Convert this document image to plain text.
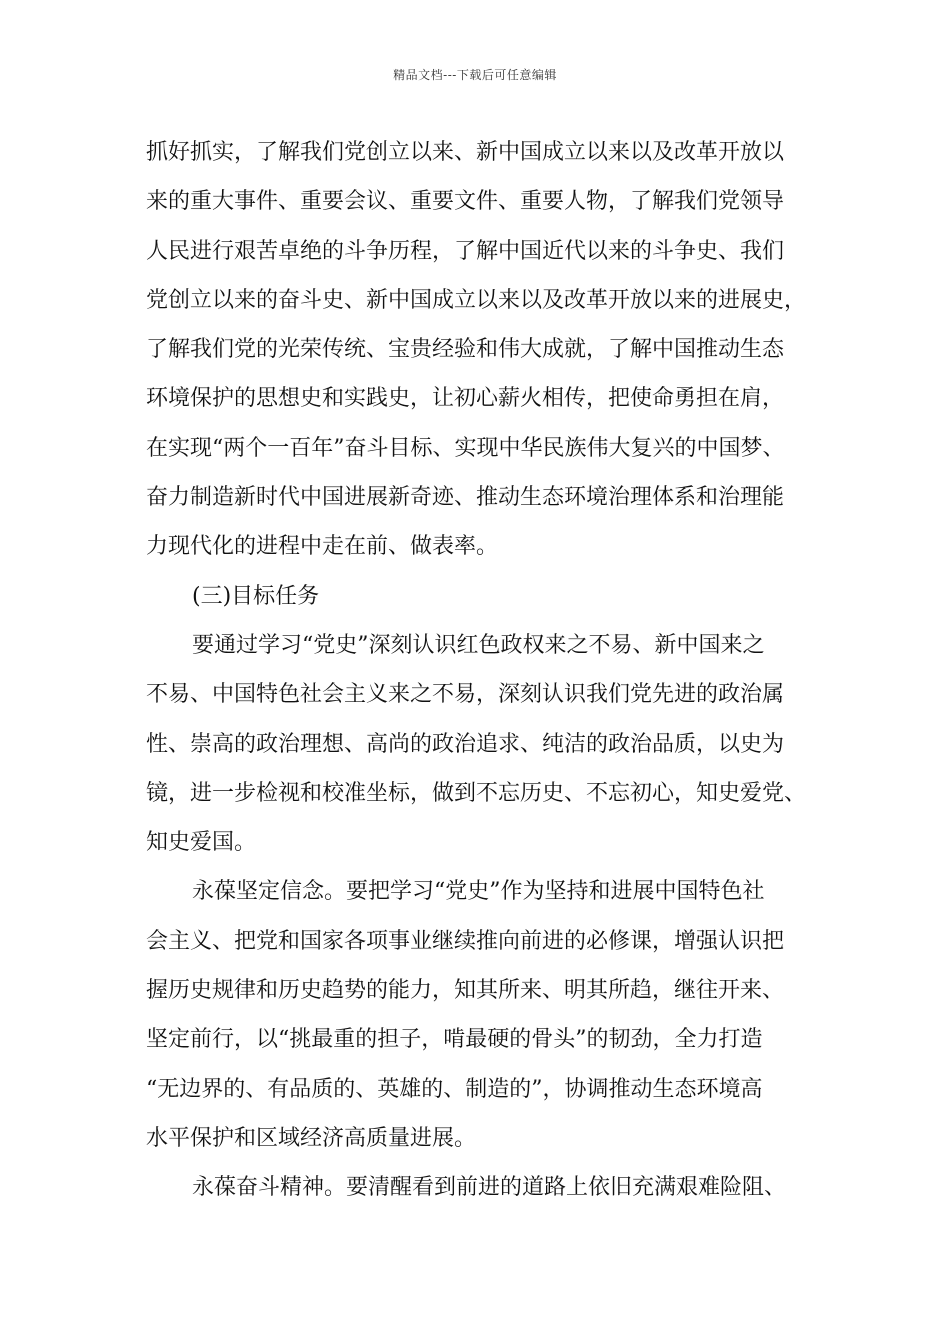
精品文档---下载后可任意编辑
抓好抓实，了解我们党创立以来、新中国成立以来以及改革开放以
来的重大事件、重要会议、重要文件、重要人物，了解我们党领导
人民进行艰苦卓绝的斗争历程，了解中国近代以来的斗争史、我们
党创立以来的奋斗史、新中国成立以来以及改革开放以来的进展史，
了解我们党的光荣传统、宝贵经验和伟大成就，了解中国推动生态
环境保护的思想史和实践史，让初心薪火相传，把使命勇担在肩，
在实现“两个一百年”奋斗目标、实现中华民族伟大复兴的中国梦、
奋力制造新时代中国进展新奇迹、推动生态环境治理体系和治理能
力现代化的进程中走在前、做表率。
(三)目标任务
要通过学习“党史”深刻认识红色政权来之不易、新中国来之
不易、中国特色社会主义来之不易，深刻认识我们党先进的政治属
性、崇高的政治理想、高尚的政治追求、纯洁的政治品质，以史为
镜，进一步检视和校准坐标，做到不忘历史、不忘初心，知史爱党、
知史爱国。
永葆坚定信念。要把学习“党史”作为坚持和进展中国特色社
会主义、把党和国家各项事业继续推向前进的必修课，增强认识把
握历史规律和历史趋势的能力，知其所来、明其所趋，继往开来、
坚定前行，以“挑最重的担子，啃最硬的骨头”的韧劲，全力打造
“无边界的、有品质的、英雄的、制造的”，协调推动生态环境高
水平保护和区域经济高质量进展。
永葆奋斗精神。要清醒看到前进的道路上依旧充满艰难险阻、
